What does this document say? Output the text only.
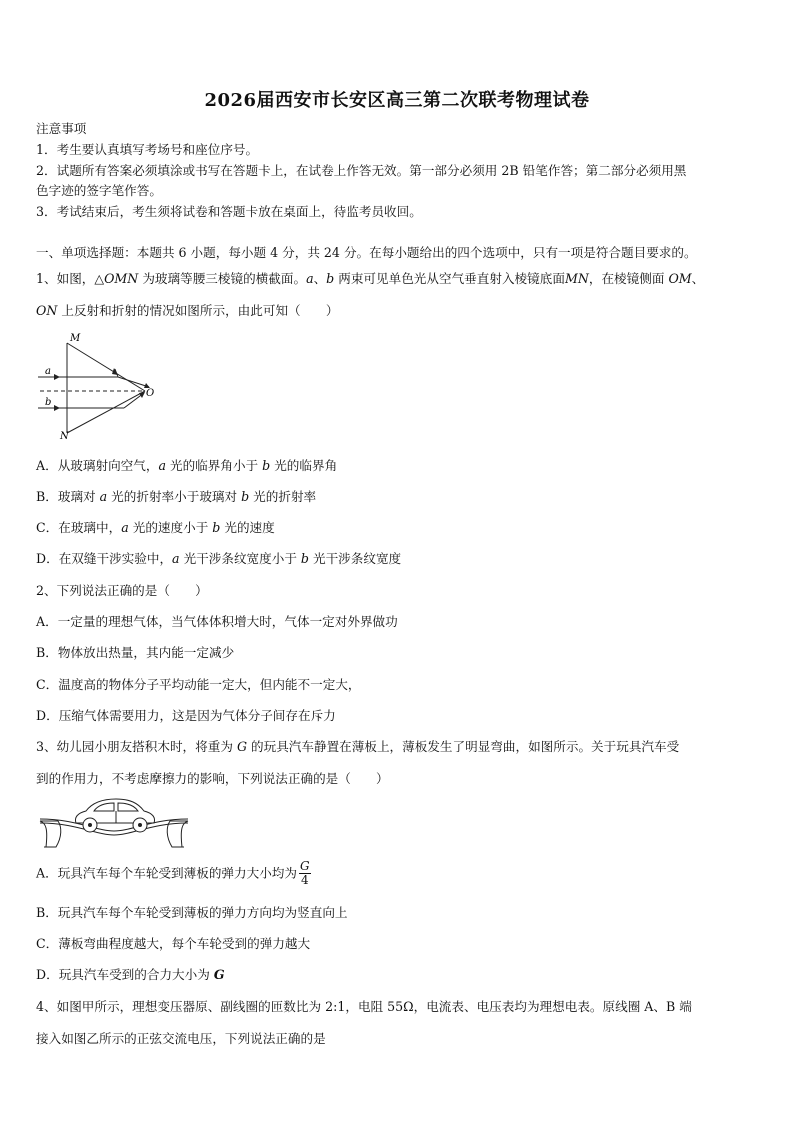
2026届西安市长安区高三第二次联考物理试卷
注意事项
1．考生要认真填写考场号和座位序号。
2．试题所有答案必须填涂或书写在答题卡上，在试卷上作答无效。第一部分必须用 2B 铅笔作答；第二部分必须用黑
色字迹的签字笔作答。
3．考试结束后，考生须将试卷和答题卡放在桌面上，待监考员收回。
一、单项选择题：本题共 6 小题，每小题 4 分，共 24 分。在每小题给出的四个选项中，只有一项是符合题目要求的。
1、如图，△OMN 为玻璃等腰三棱镜的横截面。a、b 两束可见单色光从空气垂直射入棱镜底面MN，在棱镜侧面 OM、
ON 上反射和折射的情况如图所示，由此可知（　　）
M
N
O
a
b
A．从玻璃射向空气，a 光的临界角小于 b 光的临界角
B．玻璃对 a 光的折射率小于玻璃对 b 光的折射率
C．在玻璃中，a 光的速度小于 b 光的速度
D．在双缝干涉实验中，a 光干涉条纹宽度小于 b 光干涉条纹宽度
2、下列说法正确的是（　　）
A．一定量的理想气体，当气体体积增大时，气体一定对外界做功
B．物体放出热量，其内能一定减少
C．温度高的物体分子平均动能一定大，但内能不一定大，
D．压缩气体需要用力，这是因为气体分子间存在斥力
3、幼儿园小朋友搭积木时，将重为 G 的玩具汽车静置在薄板上，薄板发生了明显弯曲，如图所示。关于玩具汽车受
到的作用力，不考虑摩擦力的影响，下列说法正确的是（　　）
A．玩具汽车每个车轮受到薄板的弹力大小均为 $\frac{G}{4}$
B．玩具汽车每个车轮受到薄板的弹力方向均为竖直向上
C．薄板弯曲程度越大，每个车轮受到的弹力越大
D．玩具汽车受到的合力大小为 G
4、如图甲所示，理想变压器原、副线圈的匝数比为 2:1，电阻 55Ω，电流表、电压表均为理想电表。原线圈 A、B 端
接入如图乙所示的正弦交流电压，下列说法正确的是
